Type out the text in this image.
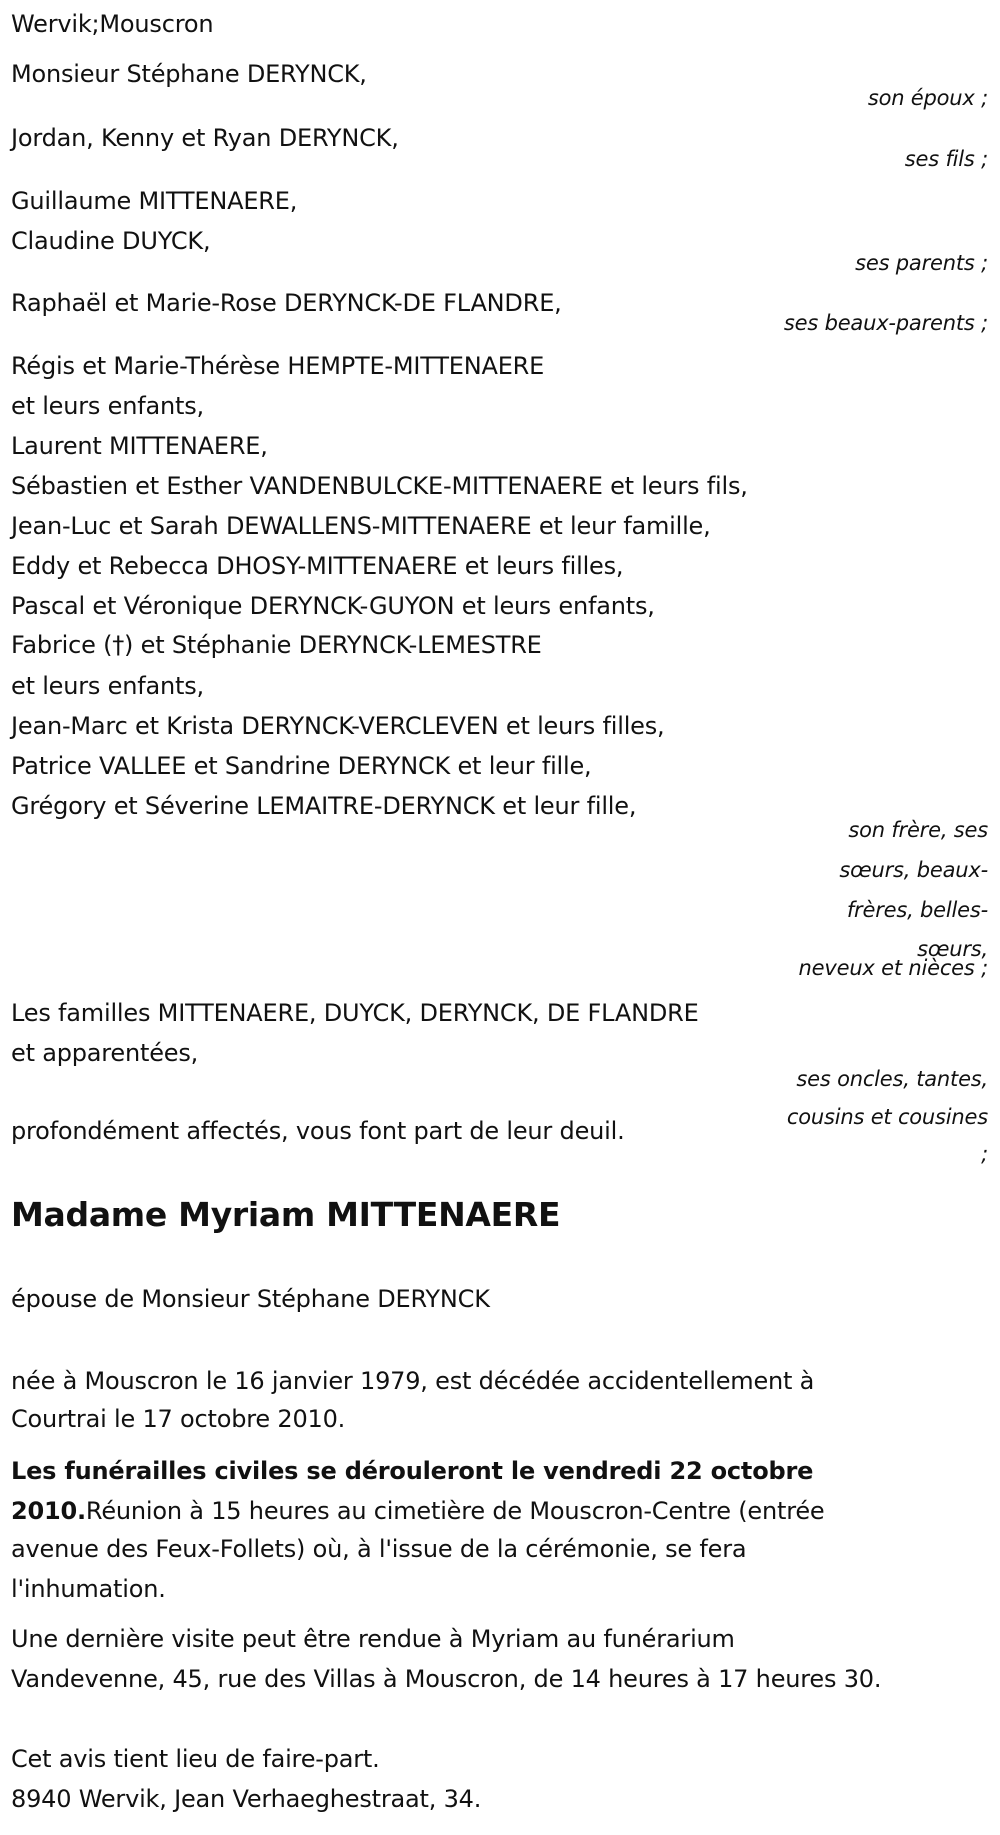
Wervik;Mouscron
Monsieur Stéphane DERYNCK,
son époux ;
Jordan, Kenny et Ryan DERYNCK,
ses fils ;
Guillaume MITTENAERE,
Claudine DUYCK,
ses parents ;
Raphaël et Marie-Rose DERYNCK-DE FLANDRE,
ses beaux-parents ;
Régis et Marie-Thérèse HEMPTE-MITTENAERE
et leurs enfants,
Laurent MITTENAERE,
Sébastien et Esther VANDENBULCKE-MITTENAERE et leurs fils,
Jean-Luc et Sarah DEWALLENS-MITTENAERE et leur famille,
Eddy et Rebecca DHOSY-MITTENAERE et leurs filles,
Pascal et Véronique DERYNCK-GUYON et leurs enfants,
Fabrice (†) et Stéphanie DERYNCK-LEMESTRE
et leurs enfants,
Jean-Marc et Krista DERYNCK-VERCLEVEN et leurs filles,
Patrice VALLEE et Sandrine DERYNCK et leur fille,
Grégory et Séverine LEMAITRE-DERYNCK et leur fille,
son frère, ses
sœurs, beaux-
frères, belles-
sœurs,
neveux et nièces ;
Les familles MITTENAERE, DUYCK, DERYNCK, DE FLANDRE
et apparentées,
ses oncles, tantes,
cousins et cousines
;
profondément affectés, vous font part de leur deuil.
Madame Myriam MITTENAERE
épouse de Monsieur Stéphane DERYNCK
née à Mouscron le 16 janvier 1979, est décédée accidentellement à
Courtrai le 17 octobre 2010.
Les funérailles civiles se dérouleront le vendredi 22 octobre
2010.Réunion à 15 heures au cimetière de Mouscron-Centre (entrée
avenue des Feux-Follets) où, à l'issue de la cérémonie, se fera
l'inhumation.
Une dernière visite peut être rendue à Myriam au funérarium
Vandevenne, 45, rue des Villas à Mouscron, de 14 heures à 17 heures 30.
Cet avis tient lieu de faire-part.
8940 Wervik, Jean Verhaeghestraat, 34.
